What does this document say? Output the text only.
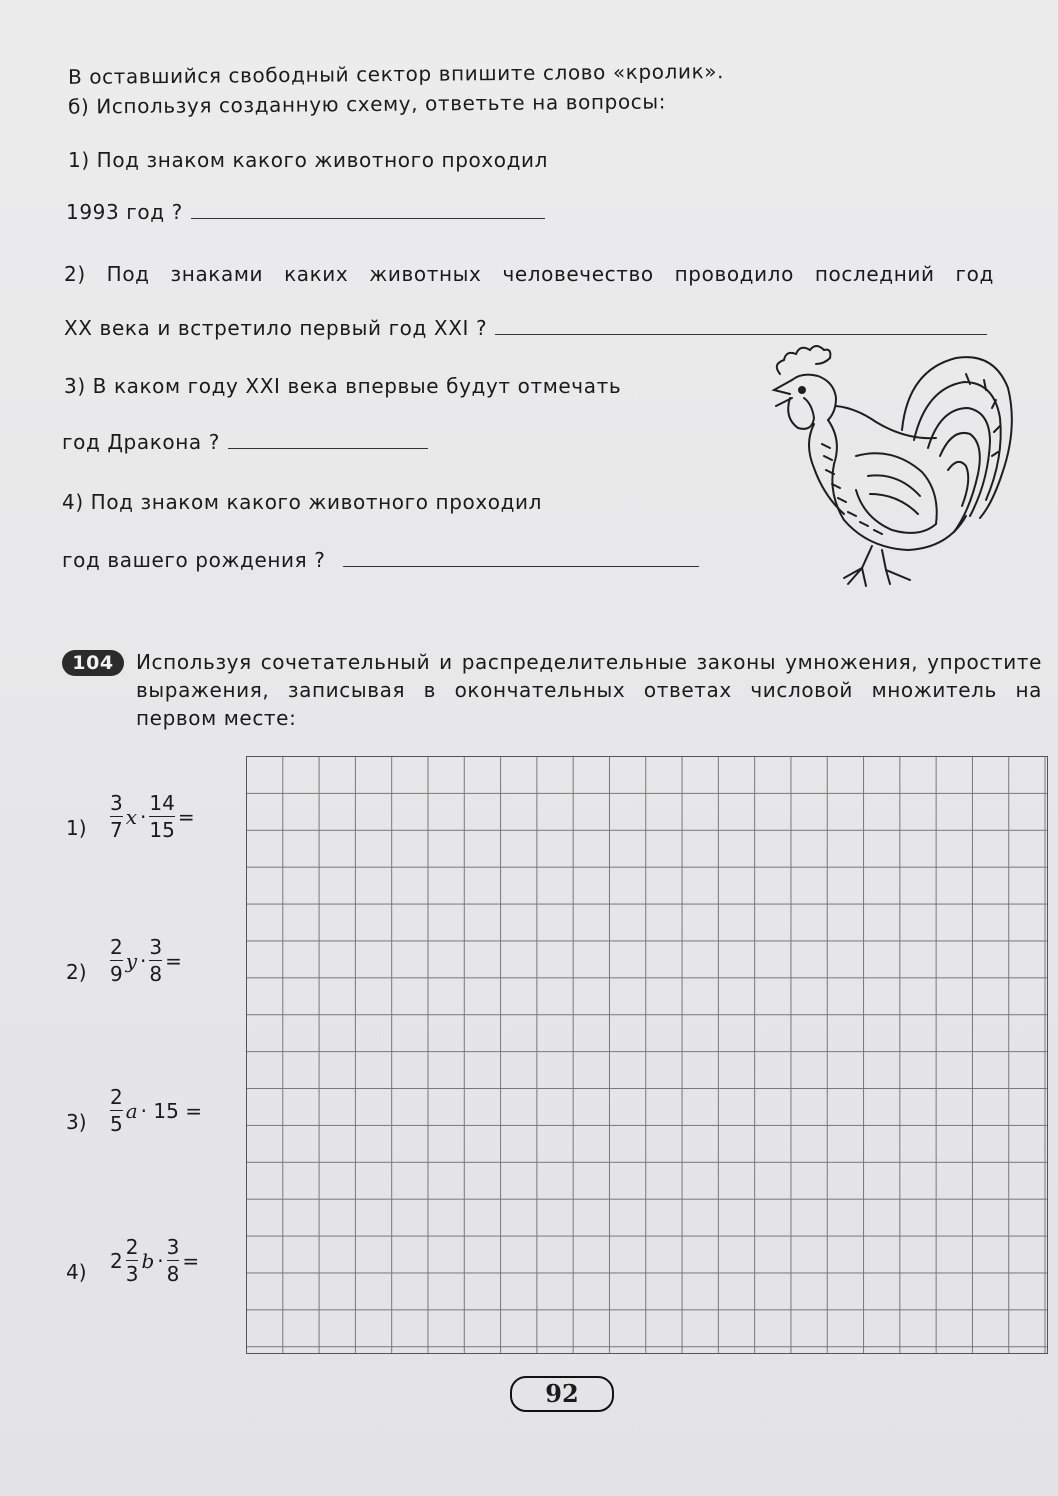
В оставшийся свободный сектор впишите слово «кролик».
б) Используя созданную схему, ответьте на вопросы:
1) Под знаком какого животного проходил
1993 год ?
2) Под знаками каких животных человечество проводило последний год
XX века и встретило первый год XXI ?
3) В каком году XXI века впервые будут отмечать
год Дракона ?
4) Под знаком какого животного проходил
год вашего рождения ?
104	Используя сочетательный и распределительные законы умножения, упростите выражения, записывая в окончательных ответах числовой множитель на первом месте:
$1) \frac{3}{7}$ $x \cdot \frac{14}{15}$ =
$2) \frac{2}{9}$ $y \cdot \frac{3}{8}$ =
$3) \frac{2}{5}$ a · 15 =
4) $2 \frac{2}{3}$ $b \cdot \frac{3}{8}$ =
92
